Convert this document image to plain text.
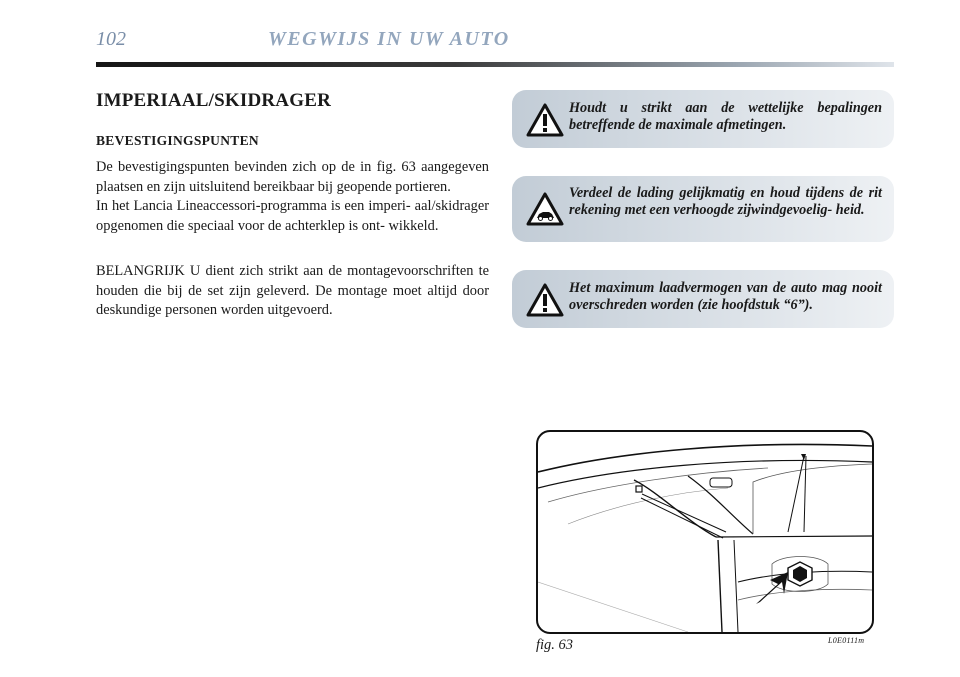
102	WEGWIJS IN UW AUTO
IMPERIAAL/SKIDRAGER
BEVESTIGINGSPUNTEN

De bevestigingspunten bevinden zich op de in fig. 63 aangegeven plaatsen en zijn uitsluitend bereikbaar bij geopende portieren.

In het Lancia Lineaccessori-programma is een imperi- aal/skidrager opgenomen die speciaal voor de achterklep is ont- wikkeld.

BELANGRIJK U dient zich strikt aan de montagevoorschriften te houden die bij de set zijn geleverd. De montage moet altijd door deskundige personen worden uitgevoerd.

Houdt u strikt aan de wettelijke bepalingen betreffende de maximale afmetingen.
Verdeel de lading gelijkmatig en houd tijdens de rit rekening met een verhoogde zijwindgevoelig- heid.
Het maximum laadvermogen van de auto mag nooit overschreden worden (zie hoofdstuk “6”).
fig. 63	L0E0111m
